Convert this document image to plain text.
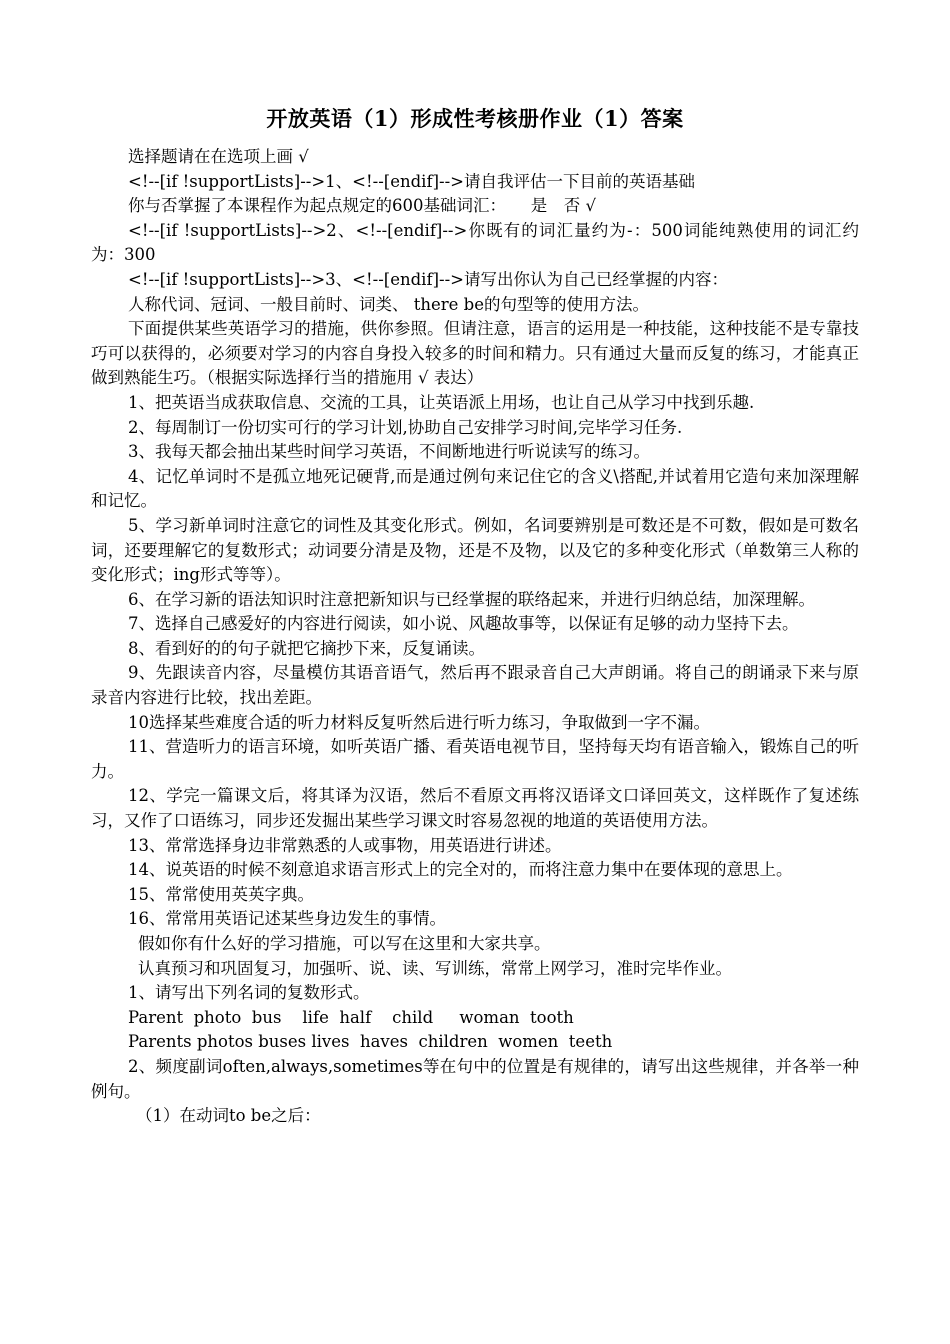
开放英语（1）形成性考核册作业（1）答案

选择题请在在选项上画 √

<!--[if !supportLists]-->1、<!--[endif]-->请自我评估一下目前的英语基础

你与否掌握了本课程作为起点规定的600基础词汇：　　是　否 √

<!--[if !supportLists]-->2、<!--[endif]-->你既有的词汇量约为-：500词能纯熟使用的词汇约为：300

<!--[if !supportLists]-->3、<!--[endif]-->请写出你认为自己已经掌握的内容：

人称代词、冠词、一般目前时、词类、 there be的句型等的使用方法。

下面提供某些英语学习的措施，供你参照。但请注意，语言的运用是一种技能，这种技能不是专靠技巧可以获得的，必须要对学习的内容自身投入较多的时间和精力。只有通过大量而反复的练习，才能真正做到熟能生巧。（根据实际选择行当的措施用 √ 表达）

1、把英语当成获取信息、交流的工具，让英语派上用场，也让自己从学习中找到乐趣.

2、每周制订一份切实可行的学习计划,协助自己安排学习时间,完毕学习任务.

3、我每天都会抽出某些时间学习英语，不间断地进行听说读写的练习。

4、记忆单词时不是孤立地死记硬背,而是通过例句来记住它的含义\搭配,并试着用它造句来加深理解和记忆。

5、学习新单词时注意它的词性及其变化形式。例如，名词要辨别是可数还是不可数，假如是可数名词，还要理解它的复数形式；动词要分清是及物，还是不及物，以及它的多种变化形式（单数第三人称的变化形式；ing形式等等）。

6、在学习新的语法知识时注意把新知识与已经掌握的联络起来，并进行归纳总结，加深理解。

7、选择自己感爱好的内容进行阅读，如小说、风趣故事等，以保证有足够的动力坚持下去。

8、看到好的的句子就把它摘抄下来，反复诵读。

9、先跟读音内容，尽量模仿其语音语气，然后再不跟录音自己大声朗诵。将自己的朗诵录下来与原录音内容进行比较，找出差距。

10选择某些难度合适的听力材料反复听然后进行听力练习，争取做到一字不漏。

11、营造听力的语言环境，如听英语广播、看英语电视节目，坚持每天均有语音输入，锻炼自己的听力。

12、学完一篇课文后，将其译为汉语，然后不看原文再将汉语译文口译回英文，这样既作了复述练习，又作了口语练习，同步还发掘出某些学习课文时容易忽视的地道的英语使用方法。

13、常常选择身边非常熟悉的人或事物，用英语进行讲述。

14、说英语的时候不刻意追求语言形式上的完全对的，而将注意力集中在要体现的意思上。

15、常常使用英英字典。

16、常常用英语记述某些身边发生的事情。

假如你有什么好的学习措施，可以写在这里和大家共享。

认真预习和巩固复习，加强听、说、读、写训练，常常上网学习，准时完毕作业。

1、请写出下列名词的复数形式。

Parent  photo  bus    life  half    child     woman  tooth

Parents photos buses lives  haves  children  women  teeth

2、频度副词often,always,sometimes等在句中的位置是有规律的，请写出这些规律，并各举一种例句。

（1）在动词to be之后：
